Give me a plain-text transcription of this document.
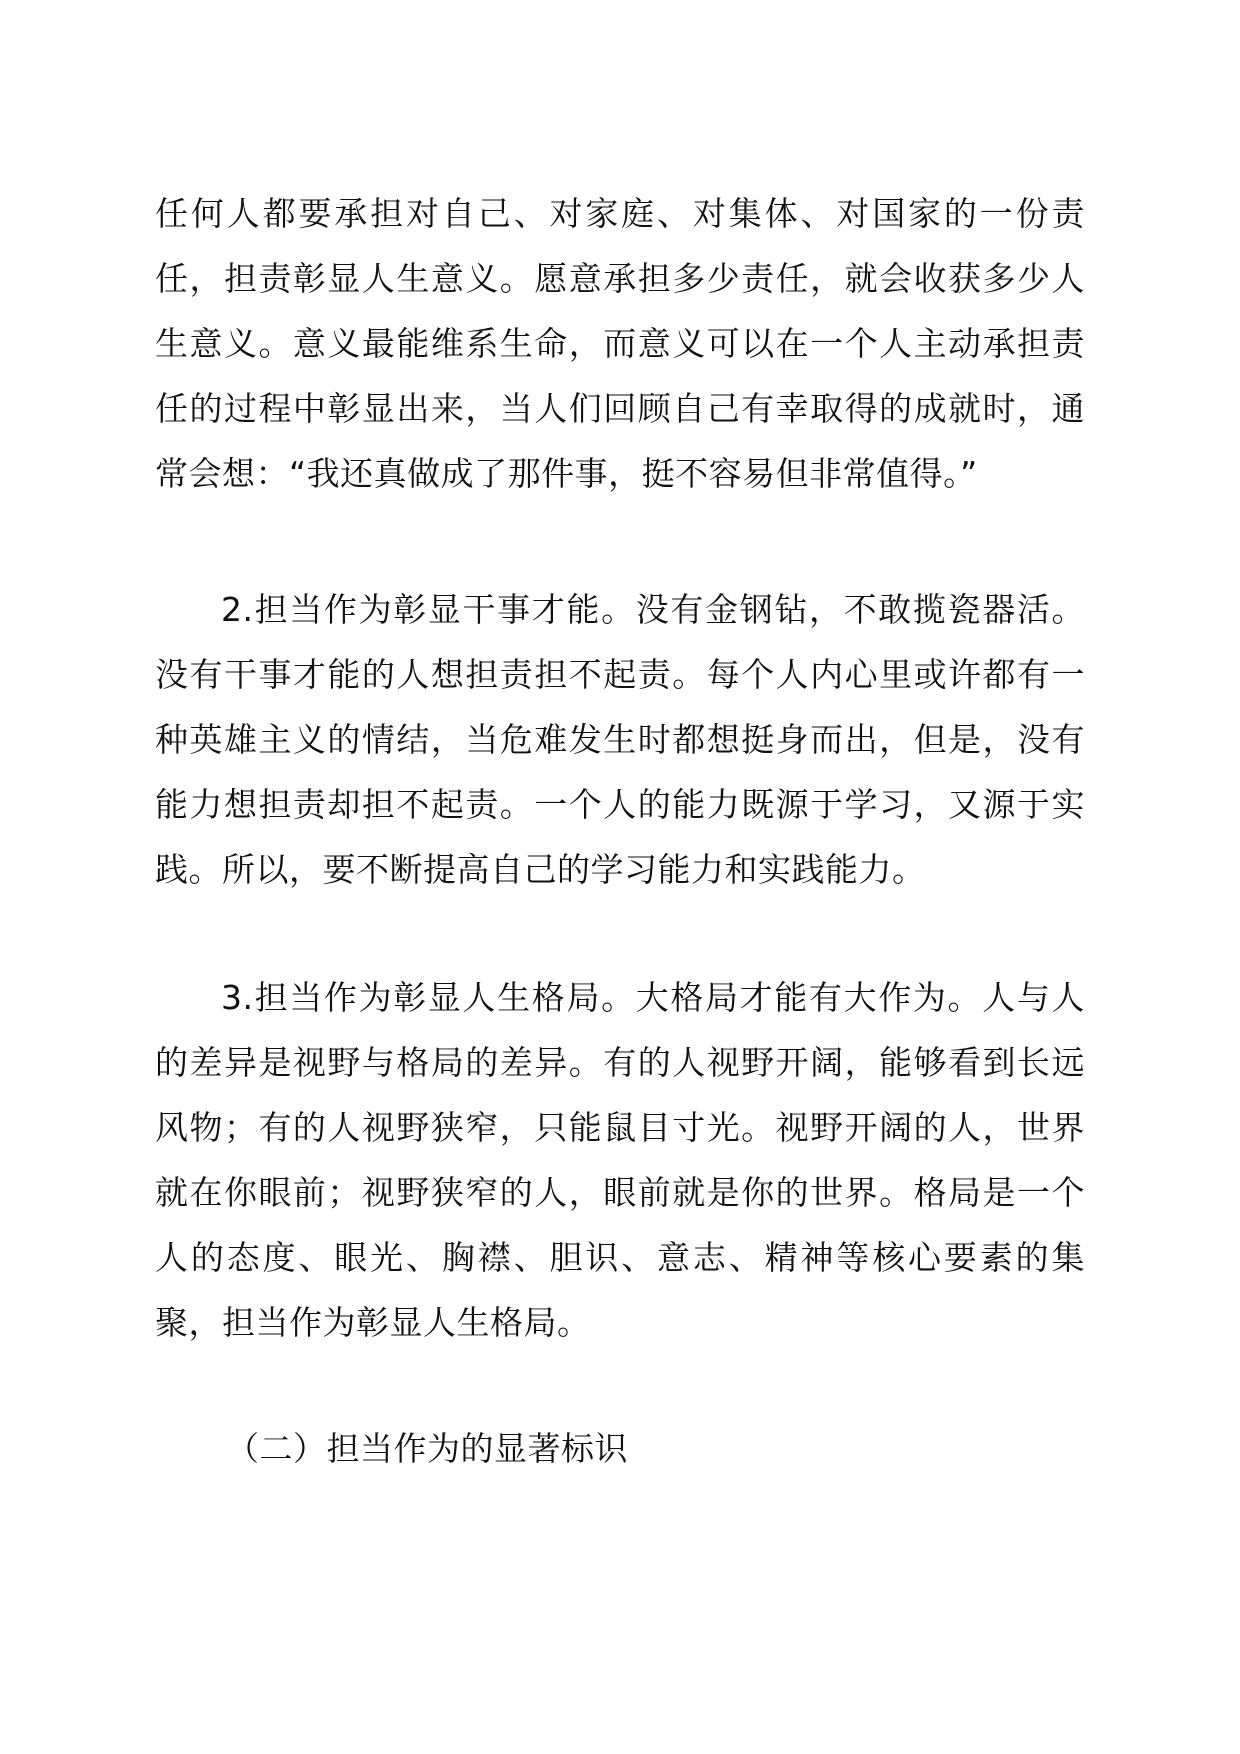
任何人都要承担对自己、对家庭、对集体、对国家的一份责任，担责彰显人生意义。愿意承担多少责任，就会收获多少人生意义。意义最能维系生命，而意义可以在一个人主动承担责任的过程中彰显出来，当人们回顾自己有幸取得的成就时，通常会想：“我还真做成了那件事，挺不容易但非常值得。”

2.担当作为彰显干事才能。没有金钢钻，不敢揽瓷器活。没有干事才能的人想担责担不起责。每个人内心里或许都有一种英雄主义的情结，当危难发生时都想挺身而出，但是，没有能力想担责却担不起责。一个人的能力既源于学习，又源于实践。所以，要不断提高自己的学习能力和实践能力。

3.担当作为彰显人生格局。大格局才能有大作为。人与人的差异是视野与格局的差异。有的人视野开阔，能够看到长远风物；有的人视野狭窄，只能鼠目寸光。视野开阔的人，世界就在你眼前；视野狭窄的人，眼前就是你的世界。格局是一个人的态度、眼光、胸襟、胆识、意志、精神等核心要素的集聚，担当作为彰显人生格局。

（二）担当作为的显著标识
